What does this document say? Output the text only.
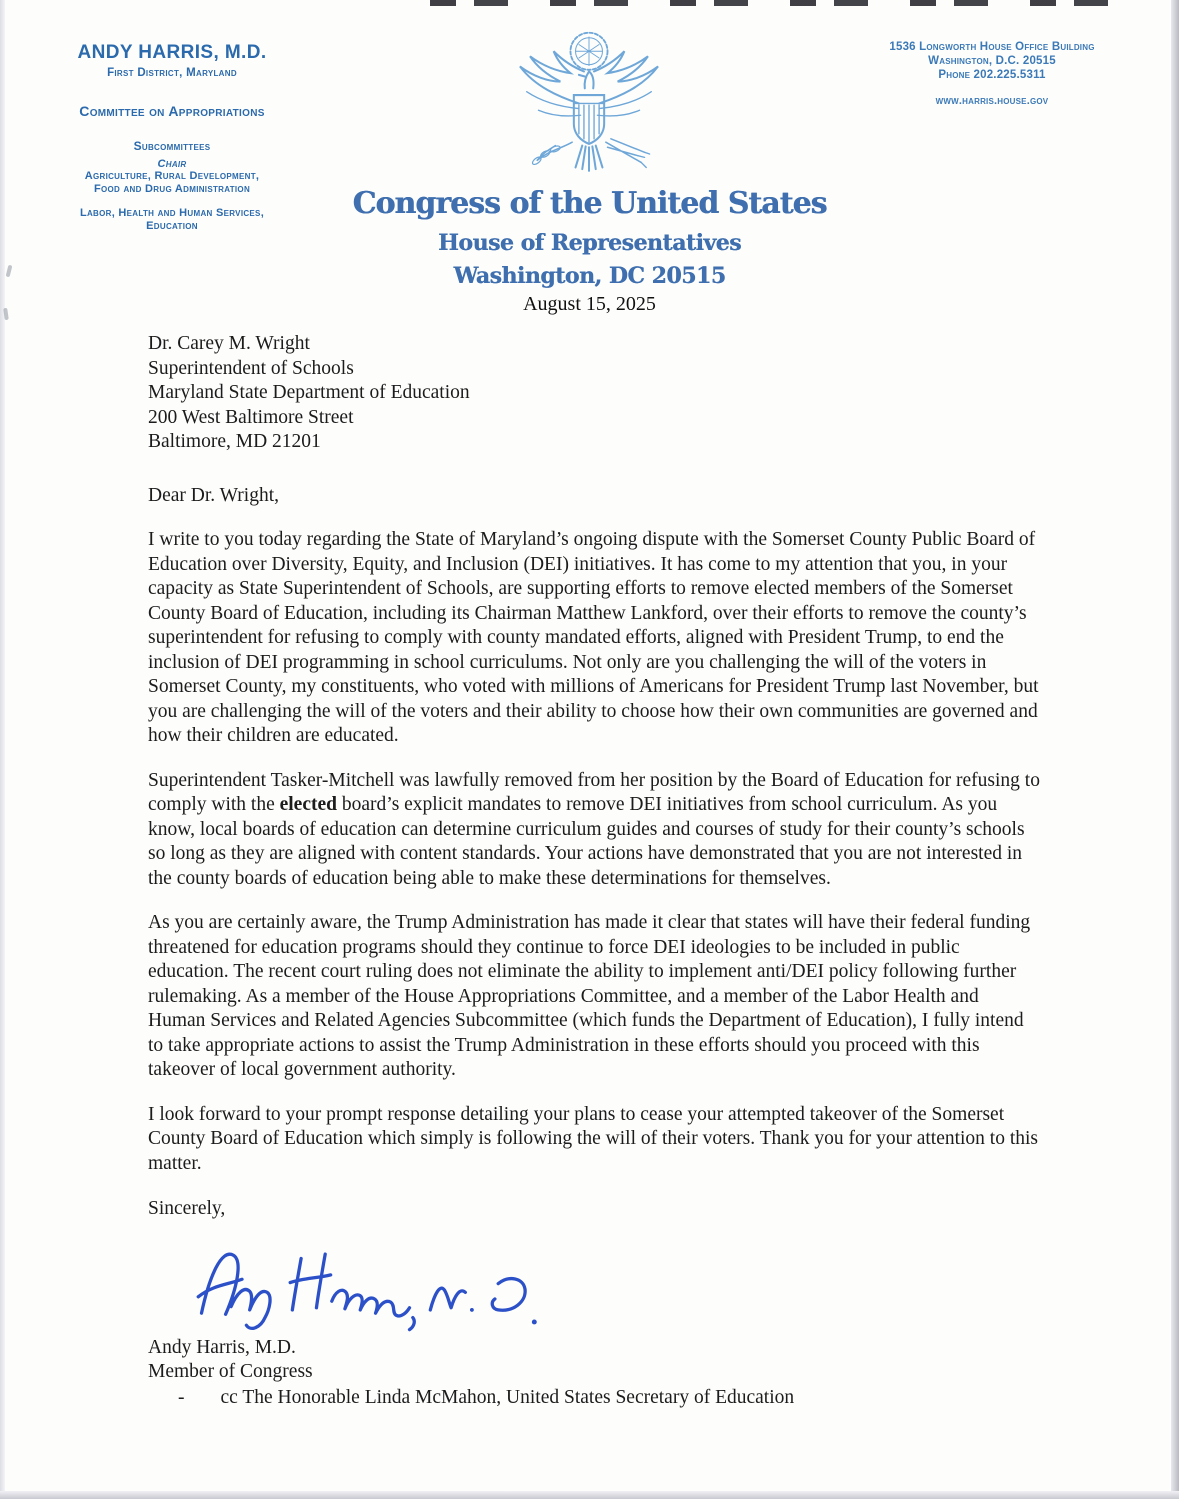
ANDY HARRIS, M.D.
First District, Maryland
Committee on Appropriations
Subcommittees
Chair
Agriculture, Rural Development,
Food and Drug Administration
Labor, Health and Human Services,
Education
1536 Longworth House Office Building
Washington, D.C. 20515
Phone 202.225.5311
www.harris.house.gov
Congress of the United States
House of Representatives
Washington, DC 20515
August 15, 2025
Dr. Carey M. Wright
Superintendent of Schools
Maryland State Department of Education
200 West Baltimore Street
Baltimore, MD 21201
Dear Dr. Wright,
I write to you today regarding the State of Maryland’s ongoing dispute with the Somerset County Public Board of Education over Diversity, Equity, and Inclusion (DEI) initiatives. It has come to my attention that you, in your capacity as State Superintendent of Schools, are supporting efforts to remove elected members of the Somerset County Board of Education, including its Chairman Matthew Lankford, over their efforts to remove the county’s superintendent for refusing to comply with county mandated efforts, aligned with President Trump, to end the inclusion of DEI programming in school curriculums. Not only are you challenging the will of the voters in Somerset County, my constituents, who voted with millions of Americans for President Trump last November, but you are challenging the will of the voters and their ability to choose how their own communities are governed and how their children are educated.
Superintendent Tasker-Mitchell was lawfully removed from her position by the Board of Education for refusing to comply with the elected board’s explicit mandates to remove DEI initiatives from school curriculum. As you know, local boards of education can determine curriculum guides and courses of study for their county’s schools so long as they are aligned with content standards. Your actions have demonstrated that you are not interested in the county boards of education being able to make these determinations for themselves.
As you are certainly aware, the Trump Administration has made it clear that states will have their federal funding threatened for education programs should they continue to force DEI ideologies to be included in public education. The recent court ruling does not eliminate the ability to implement anti/DEI policy following further rulemaking. As a member of the House Appropriations Committee, and a member of the Labor Health and Human Services and Related Agencies Subcommittee (which funds the Department of Education), I fully intend to take appropriate actions to assist the Trump Administration in these efforts should you proceed with this takeover of local government authority.
I look forward to your prompt response detailing your plans to cease your attempted takeover of the Somerset County Board of Education which simply is following the will of their voters. Thank you for your attention to this matter.
Sincerely,
Andy Harris, M.D.
Member of Congress
- cc The Honorable Linda McMahon, United States Secretary of Education
